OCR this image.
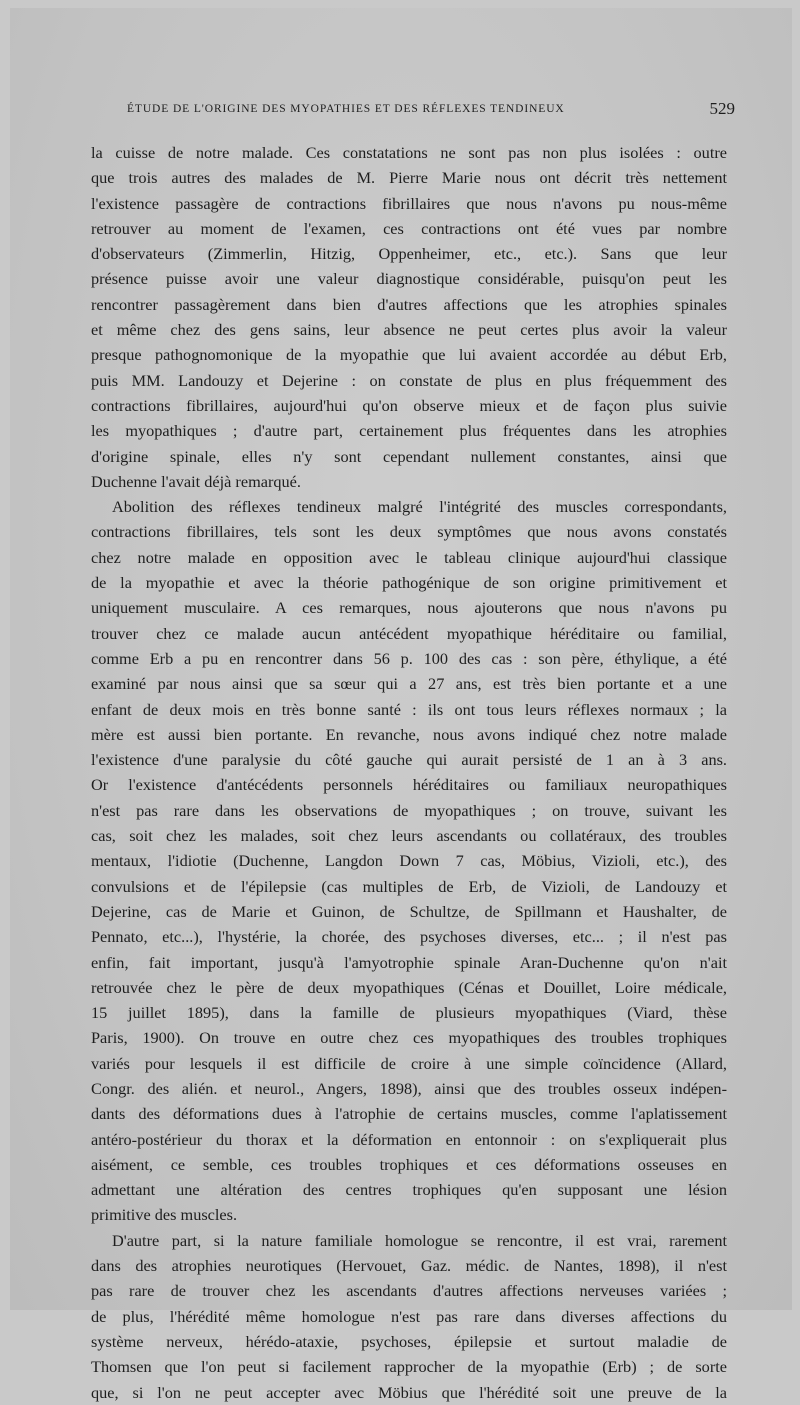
ÉTUDE DE L'ORIGINE DES MYOPATHIES ET DES RÉFLEXES TENDINEUX	529
la cuisse de notre malade. Ces constatations ne sont pas non plus isolées : outre
que trois autres des malades de M. Pierre Marie nous ont décrit très nettement
l'existence passagère de contractions fibrillaires que nous n'avons pu nous-même
retrouver au moment de l'examen, ces contractions ont été vues par nombre
d'observateurs (Zimmerlin, Hitzig, Oppenheimer, etc., etc.). Sans que leur
présence puisse avoir une valeur diagnostique considérable, puisqu'on peut les
rencontrer passagèrement dans bien d'autres affections que les atrophies spinales
et même chez des gens sains, leur absence ne peut certes plus avoir la valeur
presque pathognomonique de la myopathie que lui avaient accordée au début Erb,
puis MM. Landouzy et Dejerine : on constate de plus en plus fréquemment des
contractions fibrillaires, aujourd'hui qu'on observe mieux et de façon plus suivie
les myopathiques ; d'autre part, certainement plus fréquentes dans les atrophies
d'origine spinale, elles n'y sont cependant nullement constantes, ainsi que
Duchenne l'avait déjà remarqué.
Abolition des réflexes tendineux malgré l'intégrité des muscles correspondants,
contractions fibrillaires, tels sont les deux symptômes que nous avons constatés
chez notre malade en opposition avec le tableau clinique aujourd'hui classique
de la myopathie et avec la théorie pathogénique de son origine primitivement et
uniquement musculaire. A ces remarques, nous ajouterons que nous n'avons pu
trouver chez ce malade aucun antécédent myopathique héréditaire ou familial,
comme Erb a pu en rencontrer dans 56 p. 100 des cas : son père, éthylique, a été
examiné par nous ainsi que sa sœur qui a 27 ans, est très bien portante et a une
enfant de deux mois en très bonne santé : ils ont tous leurs réflexes normaux ; la
mère est aussi bien portante. En revanche, nous avons indiqué chez notre malade
l'existence d'une paralysie du côté gauche qui aurait persisté de 1 an à 3 ans.
Or l'existence d'antécédents personnels héréditaires ou familiaux neuropathiques
n'est pas rare dans les observations de myopathiques ; on trouve, suivant les
cas, soit chez les malades, soit chez leurs ascendants ou collatéraux, des troubles
mentaux, l'idiotie (Duchenne, Langdon Down 7 cas, Möbius, Vizioli, etc.), des
convulsions et de l'épilepsie (cas multiples de Erb, de Vizioli, de Landouzy et
Dejerine, cas de Marie et Guinon, de Schultze, de Spillmann et Haushalter, de
Pennato, etc...), l'hystérie, la chorée, des psychoses diverses, etc... ; il n'est pas
enfin, fait important, jusqu'à l'amyotrophie spinale Aran-Duchenne qu'on n'ait
retrouvée chez le père de deux myopathiques (Cénas et Douillet, Loire médicale,
15 juillet 1895), dans la famille de plusieurs myopathiques (Viard, thèse
Paris, 1900). On trouve en outre chez ces myopathiques des troubles trophiques
variés pour lesquels il est difficile de croire à une simple coïncidence (Allard,
Congr. des alién. et neurol., Angers, 1898), ainsi que des troubles osseux indépen-
dants des déformations dues à l'atrophie de certains muscles, comme l'aplatissement
antéro-postérieur du thorax et la déformation en entonnoir : on s'expliquerait plus
aisément, ce semble, ces troubles trophiques et ces déformations osseuses en
admettant une altération des centres trophiques qu'en supposant une lésion
primitive des muscles.
D'autre part, si la nature familiale homologue se rencontre, il est vrai, rarement
dans des atrophies neurotiques (Hervouet, Gaz. médic. de Nantes, 1898), il n'est
pas rare de trouver chez les ascendants d'autres affections nerveuses variées ;
de plus, l'hérédité même homologue n'est pas rare dans diverses affections du
système nerveux, hérédo-ataxie, psychoses, épilepsie et surtout maladie de
Thomsen que l'on peut si facilement rapprocher de la myopathie (Erb) ; de sorte
que, si l'on ne peut accepter avec Möbius que l'hérédité soit une preuve de la
